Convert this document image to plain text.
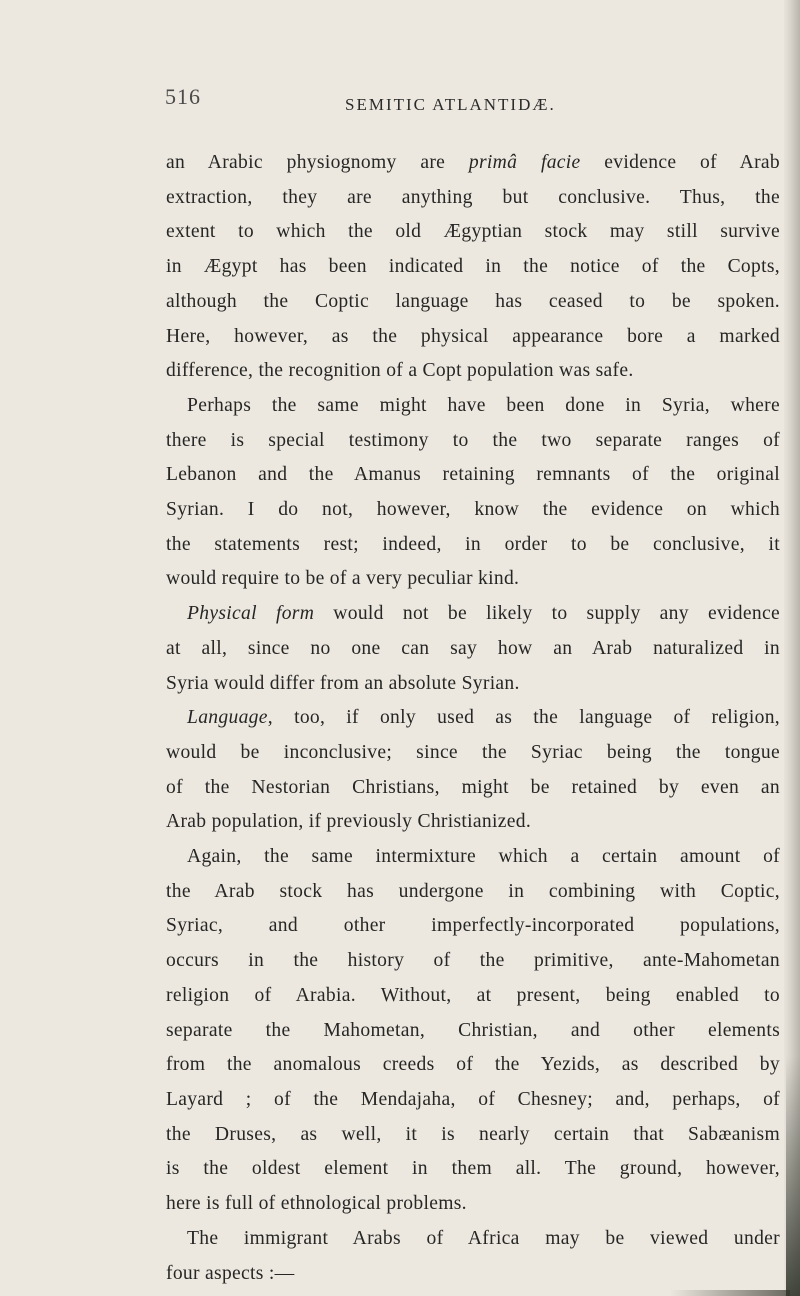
516	SEMITIC ATLANTIDÆ.

an Arabic physiognomy are primâ facie evidence of Arab
extraction, they are anything but conclusive. Thus, the
extent to which the old Ægyptian stock may still survive
in Ægypt has been indicated in the notice of the Copts,
although the Coptic language has ceased to be spoken.
Here, however, as the physical appearance bore a marked
difference, the recognition of a Copt population was safe.

Perhaps the same might have been done in Syria, where
there is special testimony to the two separate ranges of
Lebanon and the Amanus retaining remnants of the original
Syrian. I do not, however, know the evidence on which
the statements rest; indeed, in order to be conclusive, it
would require to be of a very peculiar kind.

Physical form would not be likely to supply any evidence
at all, since no one can say how an Arab naturalized in
Syria would differ from an absolute Syrian.

Language, too, if only used as the language of religion,
would be inconclusive; since the Syriac being the tongue
of the Nestorian Christians, might be retained by even an
Arab population, if previously Christianized.

Again, the same intermixture which a certain amount of
the Arab stock has undergone in combining with Coptic,
Syriac, and other imperfectly-incorporated populations,
occurs in the history of the primitive, ante-Mahometan
religion of Arabia. Without, at present, being enabled to
separate the Mahometan, Christian, and other elements
from the anomalous creeds of the Yezids, as described by
Layard ; of the Mendajaha, of Chesney; and, perhaps, of
the Druses, as well, it is nearly certain that Sabæanism
is the oldest element in them all. The ground, however,
here is full of ethnological problems.

The immigrant Arabs of Africa may be viewed under
four aspects :—
